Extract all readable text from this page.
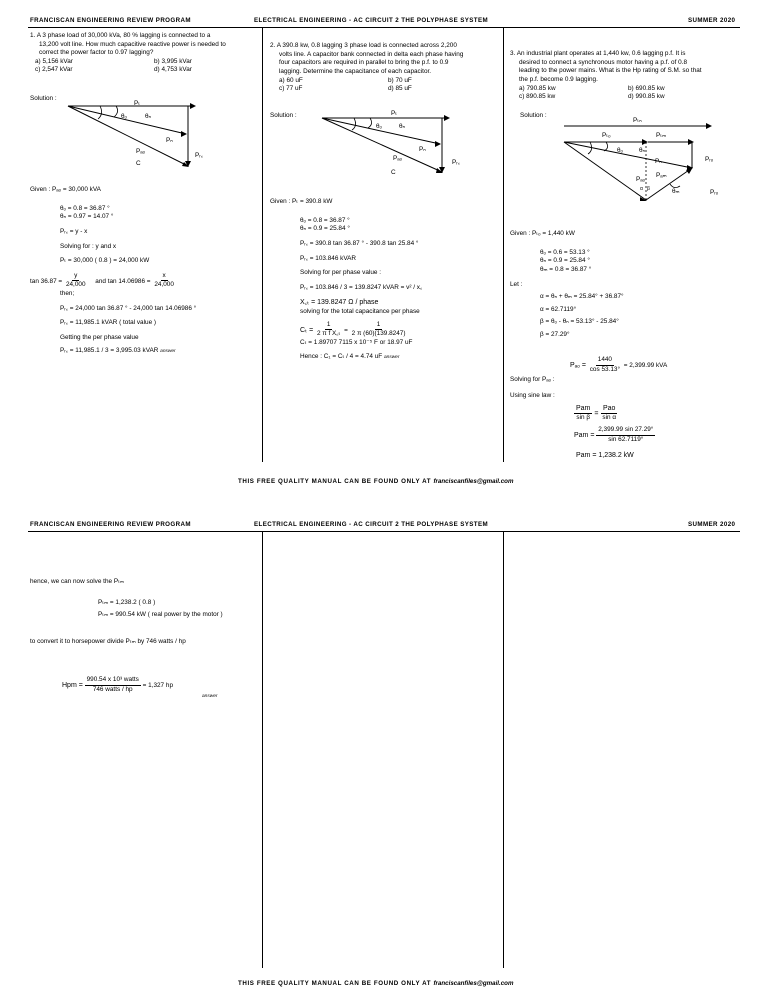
FRANCISCAN ENGINEERING REVIEW PROGRAM	ELECTRICAL ENGINEERING - AC CIRCUIT 2 THE POLYPHASE SYSTEM	SUMMER 2020
1. A 3 phase load of 30,000 kVa, 80 % lagging is connected to a
13,200 volt line. How much capacitive reactive power is needed to
correct the power factor to 0.97 lagging?
a) 5,156 kVar	b) 3,995 kVar
c) 2,547 kVar	d) 4,753 kVar
Solution :
Pₜ
θₒ	θₙ
Pₙ
Pₐₒ
Pᵣ꜀
C
Given : Pₐₒ = 30,000 kVA
θₒ = 0.8 = 36.87 °
θₙ = 0.97 = 14.07 °
Pᵣ꜀ = y - x
Solving for : y and x
Pₜ = 30,000 ( 0.8 ) = 24,000 kW
$\tan 36.87 = \frac{y}{24,000}$ and $\tan 14.06986 = \frac{x}{24,000}$
then;
Pᵣ꜀ = 24,000 tan 36.87 ° - 24,000 tan 14.06986 °
Pᵣ꜀ = 11,985.1 kVAR ( total value )
Getting the per phase value
Pᵣ꜀ = 11,985.1 / 3 = 3,995.03 kVAR answer
2. A 390.8 kw, 0.8 lagging 3 phase load is connected across 2,200
volts line. A capacitor bank connected in delta each phase having
four capacitors are required in parallel to bring the p.f. to 0.9
lagging. Determine the capacitance of each capacitor.
a) 60 uF	b) 70 uF
c) 77 uF	d) 85 uF
Solution :	Pₜ
θₒ	θₙ
Pₙ
Pₐₒ
Pᵣ꜀
C
Given : Pₜ = 390.8 kW
θₒ = 0.8 = 36.87 °
θₙ = 0.9 = 25.84 °
Pᵣ꜀ = 390.8 tan 36.87 ° - 390.8 tan 25.84 °
Pᵣ꜀ = 103.846 kVAR
Solving for per phase value :
Pᵣ꜀ = 103.846 / 3 = 139.8247 kVAR = v² / x꜀
X꜀ₜ = 139.8247 Ω / phase
solving for the total capacitance per phase
$C_t = \frac{1}{\text{2 π f X꜀ₜ}} = \frac{1}{2 \pi (60)(139.8247)}$
Cₜ = 1.89707 7115 x 10⁻⁵ F or 18.97 uF
Hence : C₁ = Cₜ / 4 = 4.74 uF answer
3. An industrial plant operates at 1,440 kw, 0.6 lagging p.f. It is
desired to connect a synchronous motor having a p.f. of 0.8
leading to the power mains. What is the Hp rating of S.M. so that
the p.f. become 0.9 lagging.
a) 790.85 kw	b) 690.85 kw
c) 890.85 kw	d) 990.85 kw
Solution :
Pₜₙ
Pₜₒ	Pₜₘ
θₒ	θₙ
Pₙ
Pₐₘ
Pₐₒ
α β	θₘ
Pᵣₒ
Pᵣₒ
Given : Pₜₒ = 1,440 kW
θₒ = 0.6 = 53.13 °
θₙ = 0.9 = 25.84 °
θₘ = 0.8 = 36.87 °
Let :
α = θₙ + θₘ = 25.84° + 36.87°
α = 62.7119°
β = θₒ - θₙ = 53.13° - 25.84°
β = 27.29°
$P_{ao} = \frac{1440}{\cos 53.13^\circ} = 2,399.99$ kVA
Solving for Pₐₒ :
Using sine law :
$\frac{\text{Pam}}{\text{sin β}} = \frac{\text{Pao}}{\text{sin α}}$
Pam = $\frac{2,399.99 \sin 27.29^\circ}{\sin 62.7119^\circ}$
Pam = 1,238.2 kW
THIS FREE QUALITY MANUAL CAN BE FOUND ONLY AT franciscanfiles@gmail.com
FRANCISCAN ENGINEERING REVIEW PROGRAM	ELECTRICAL ENGINEERING - AC CIRCUIT 2 THE POLYPHASE SYSTEM	SUMMER 2020
hence, we can now solve the Pₜₘ
Pₜₘ = 1,238.2 ( 0.8 )
Pₜₘ = 990.54 kW ( real power by the motor )
to convert it to horsepower divide Pₜₘ by 746 watts / hp
Hpm = $\frac{\text{990.54 x 10³ watts}}{\text{746 watts / hp}} = 1,327$ hp
answer
THIS FREE QUALITY MANUAL CAN BE FOUND ONLY AT franciscanfiles@gmail.com
